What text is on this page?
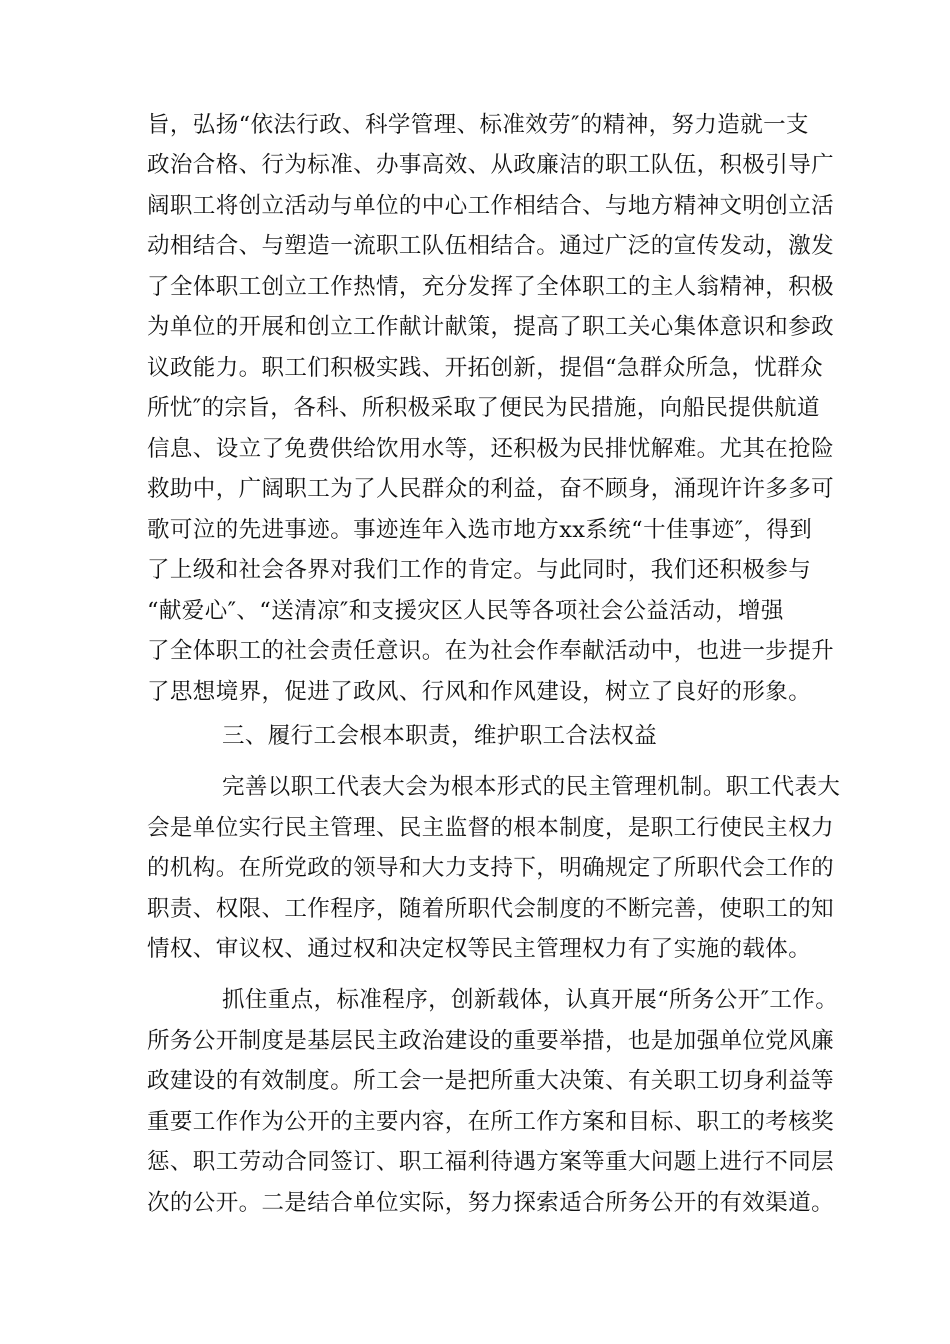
旨，弘扬“依法行政、科学管理、标准效劳″的精神，努力造就一支
政治合格、行为标准、办事高效、从政廉洁的职工队伍，积极引导广
阔职工将创立活动与单位的中心工作相结合、与地方精神文明创立活
动相结合、与塑造一流职工队伍相结合。通过广泛的宣传发动，激发
了全体职工创立工作热情，充分发挥了全体职工的主人翁精神，积极
为单位的开展和创立工作献计献策，提高了职工关心集体意识和参政
议政能力。职工们积极实践、开拓创新，提倡“急群众所急，忧群众
所忧″的宗旨，各科、所积极采取了便民为民措施，向船民提供航道
信息、设立了免费供给饮用水等，还积极为民排忧解难。尤其在抢险
救助中，广阔职工为了人民群众的利益，奋不顾身，涌现许许多多可
歌可泣的先进事迹。事迹连年入选市地方xx系统“十佳事迹″，得到
了上级和社会各界对我们工作的肯定。与此同时，我们还积极参与
“献爱心″、“送清凉″和支援灾区人民等各项社会公益活动，增强
了全体职工的社会责任意识。在为社会作奉献活动中，也进一步提升
了思想境界，促进了政风、行风和作风建设，树立了良好的形象。
三、履行工会根本职责，维护职工合法权益
完善以职工代表大会为根本形式的民主管理机制。职工代表大
会是单位实行民主管理、民主监督的根本制度，是职工行使民主权力
的机构。在所党政的领导和大力支持下，明确规定了所职代会工作的
职责、权限、工作程序，随着所职代会制度的不断完善，使职工的知
情权、审议权、通过权和决定权等民主管理权力有了实施的载体。
抓住重点，标准程序，创新载体，认真开展“所务公开″工作。
所务公开制度是基层民主政治建设的重要举措，也是加强单位党风廉
政建设的有效制度。所工会一是把所重大决策、有关职工切身利益等
重要工作作为公开的主要内容，在所工作方案和目标、职工的考核奖
惩、职工劳动合同签订、职工福利待遇方案等重大问题上进行不同层
次的公开。二是结合单位实际，努力探索适合所务公开的有效渠道。
